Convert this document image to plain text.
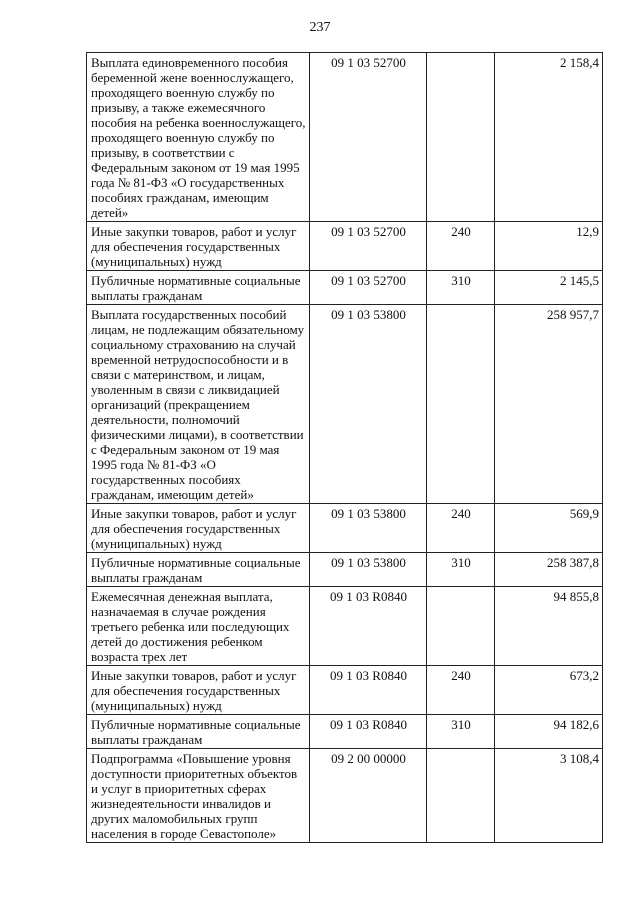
237
Выплата единовременного пособия беременной жене военнослужащего, проходящего военную службу по призыву, а также ежемесячного пособия на ребенка военнослужащего, проходящего военную службу по призыву, в соответствии с Федеральным законом от 19 мая 1995 года № 81-ФЗ «О государственных пособиях гражданам, имеющим детей»	09 1 03 52700		2 158,4
Иные закупки товаров, работ и услуг для обеспечения государственных (муниципальных) нужд	09 1 03 52700	240	12,9
Публичные нормативные социальные выплаты гражданам	09 1 03 52700	310	2 145,5
Выплата государственных пособий лицам, не подлежащим обязательному социальному страхованию на случай временной нетрудоспособности и в связи с материнством, и лицам, уволенным в связи с ликвидацией организаций (прекращением деятельности, полномочий физическими лицами), в соответствии с Федеральным законом от 19 мая 1995 года № 81-ФЗ «О государственных пособиях гражданам, имеющим детей»	09 1 03 53800		258 957,7
Иные закупки товаров, работ и услуг для обеспечения государственных (муниципальных) нужд	09 1 03 53800	240	569,9
Публичные нормативные социальные выплаты гражданам	09 1 03 53800	310	258 387,8
Ежемесячная денежная выплата, назначаемая в случае рождения третьего ребенка или последующих детей до достижения ребенком возраста трех лет	09 1 03 R0840		94 855,8
Иные закупки товаров, работ и услуг для обеспечения государственных (муниципальных) нужд	09 1 03 R0840	240	673,2
Публичные нормативные социальные выплаты гражданам	09 1 03 R0840	310	94 182,6
Подпрограмма «Повышение уровня доступности приоритетных объектов и услуг в приоритетных сферах жизнедеятельности инвалидов и других маломобильных групп населения в городе Севастополе»	09 2 00 00000		3 108,4
